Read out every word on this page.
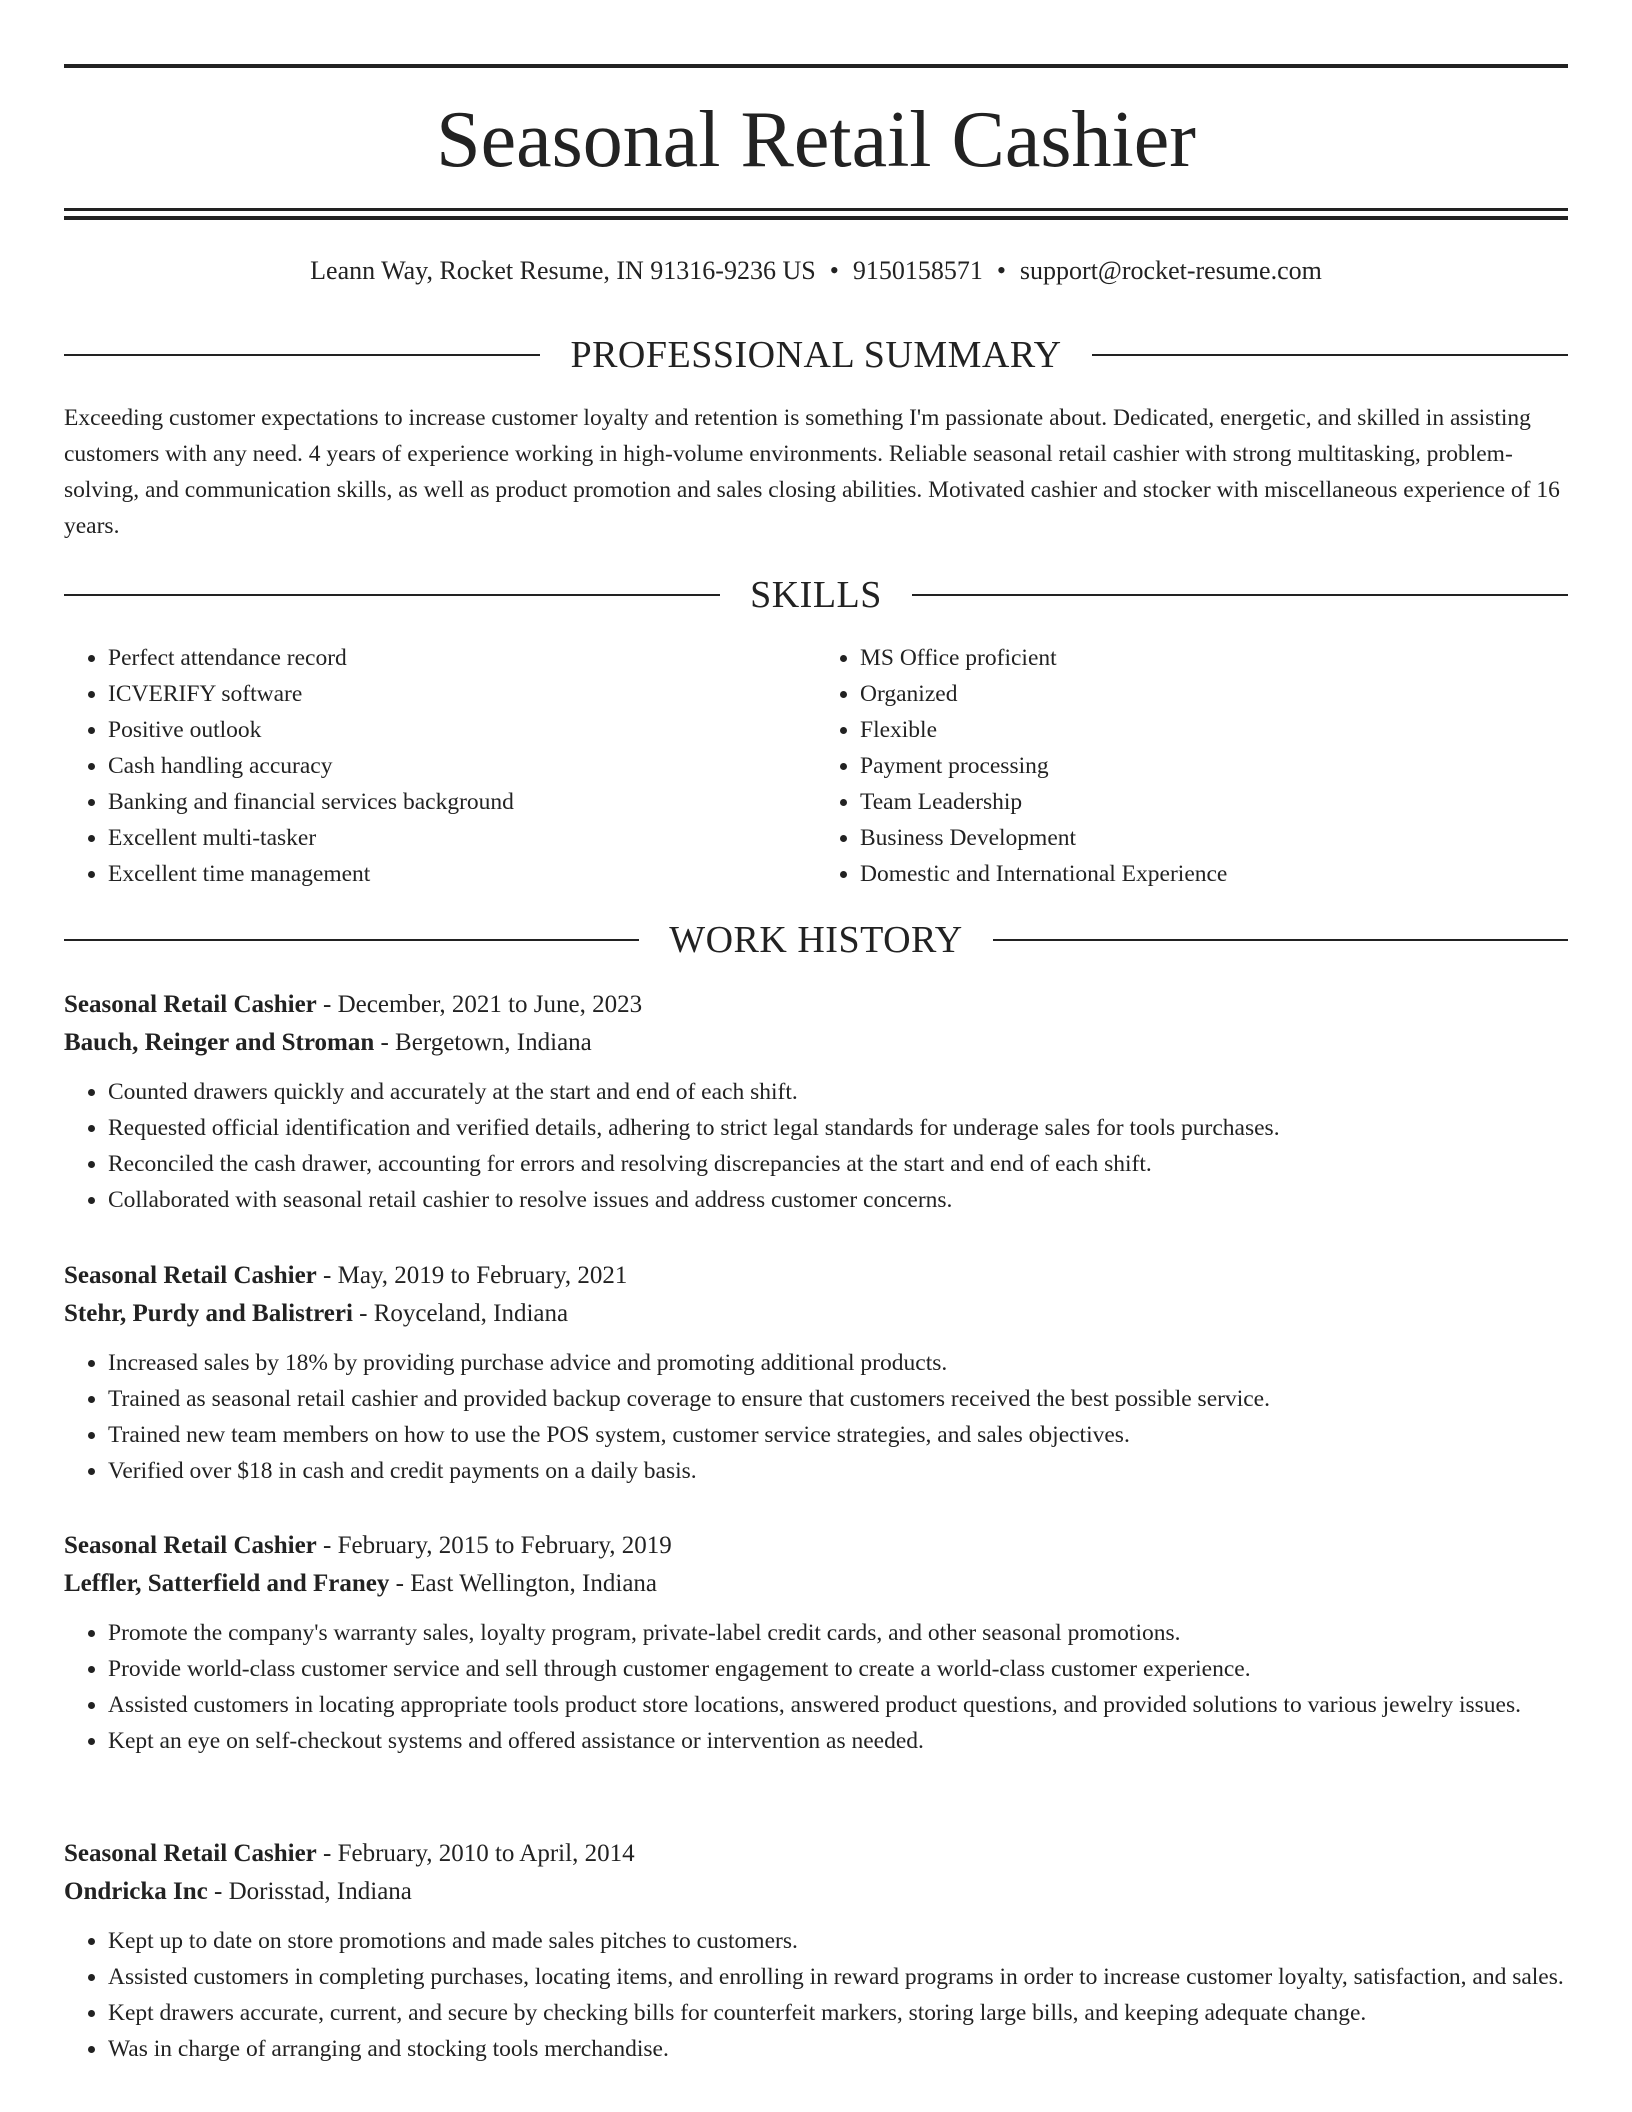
Seasonal Retail Cashier
Leann Way, Rocket Resume, IN 91316-9236 US • 9150158571 • support@rocket-resume.com
PROFESSIONAL SUMMARY

Exceeding customer expectations to increase customer loyalty and retention is something I'm passionate about. Dedicated, energetic, and skilled in assisting customers with any need. 4 years of experience working in high-volume environments. Reliable seasonal retail cashier with strong multitasking, problem-solving, and communication skills, as well as product promotion and sales closing abilities. Motivated cashier and stocker with miscellaneous experience of 16 years.

SKILLS
• Perfect attendance record
• ICVERIFY software
• Positive outlook
• Cash handling accuracy
• Banking and financial services background
• Excellent multi-tasker
• Excellent time management
• MS Office proficient
• Organized
• Flexible
• Payment processing
• Team Leadership
• Business Development
• Domestic and International Experience
WORK HISTORY
Seasonal Retail Cashier - December, 2021 to June, 2023
Bauch, Reinger and Stroman - Bergetown, Indiana
• Counted drawers quickly and accurately at the start and end of each shift.
• Requested official identification and verified details, adhering to strict legal standards for underage sales for tools purchases.
• Reconciled the cash drawer, accounting for errors and resolving discrepancies at the start and end of each shift.
• Collaborated with seasonal retail cashier to resolve issues and address customer concerns.
Seasonal Retail Cashier - May, 2019 to February, 2021
Stehr, Purdy and Balistreri - Royceland, Indiana
• Increased sales by 18% by providing purchase advice and promoting additional products.
• Trained as seasonal retail cashier and provided backup coverage to ensure that customers received the best possible service.
• Trained new team members on how to use the POS system, customer service strategies, and sales objectives.
• Verified over $18 in cash and credit payments on a daily basis.
Seasonal Retail Cashier - February, 2015 to February, 2019
Leffler, Satterfield and Franey - East Wellington, Indiana
• Promote the company's warranty sales, loyalty program, private-label credit cards, and other seasonal promotions.
• Provide world-class customer service and sell through customer engagement to create a world-class customer experience.
• Assisted customers in locating appropriate tools product store locations, answered product questions, and provided solutions to various jewelry issues.
• Kept an eye on self-checkout systems and offered assistance or intervention as needed.
Seasonal Retail Cashier - February, 2010 to April, 2014
Ondricka Inc - Dorisstad, Indiana
• Kept up to date on store promotions and made sales pitches to customers.
• Assisted customers in completing purchases, locating items, and enrolling in reward programs in order to increase customer loyalty, satisfaction, and sales.
• Kept drawers accurate, current, and secure by checking bills for counterfeit markers, storing large bills, and keeping adequate change.
• Was in charge of arranging and stocking tools merchandise.
